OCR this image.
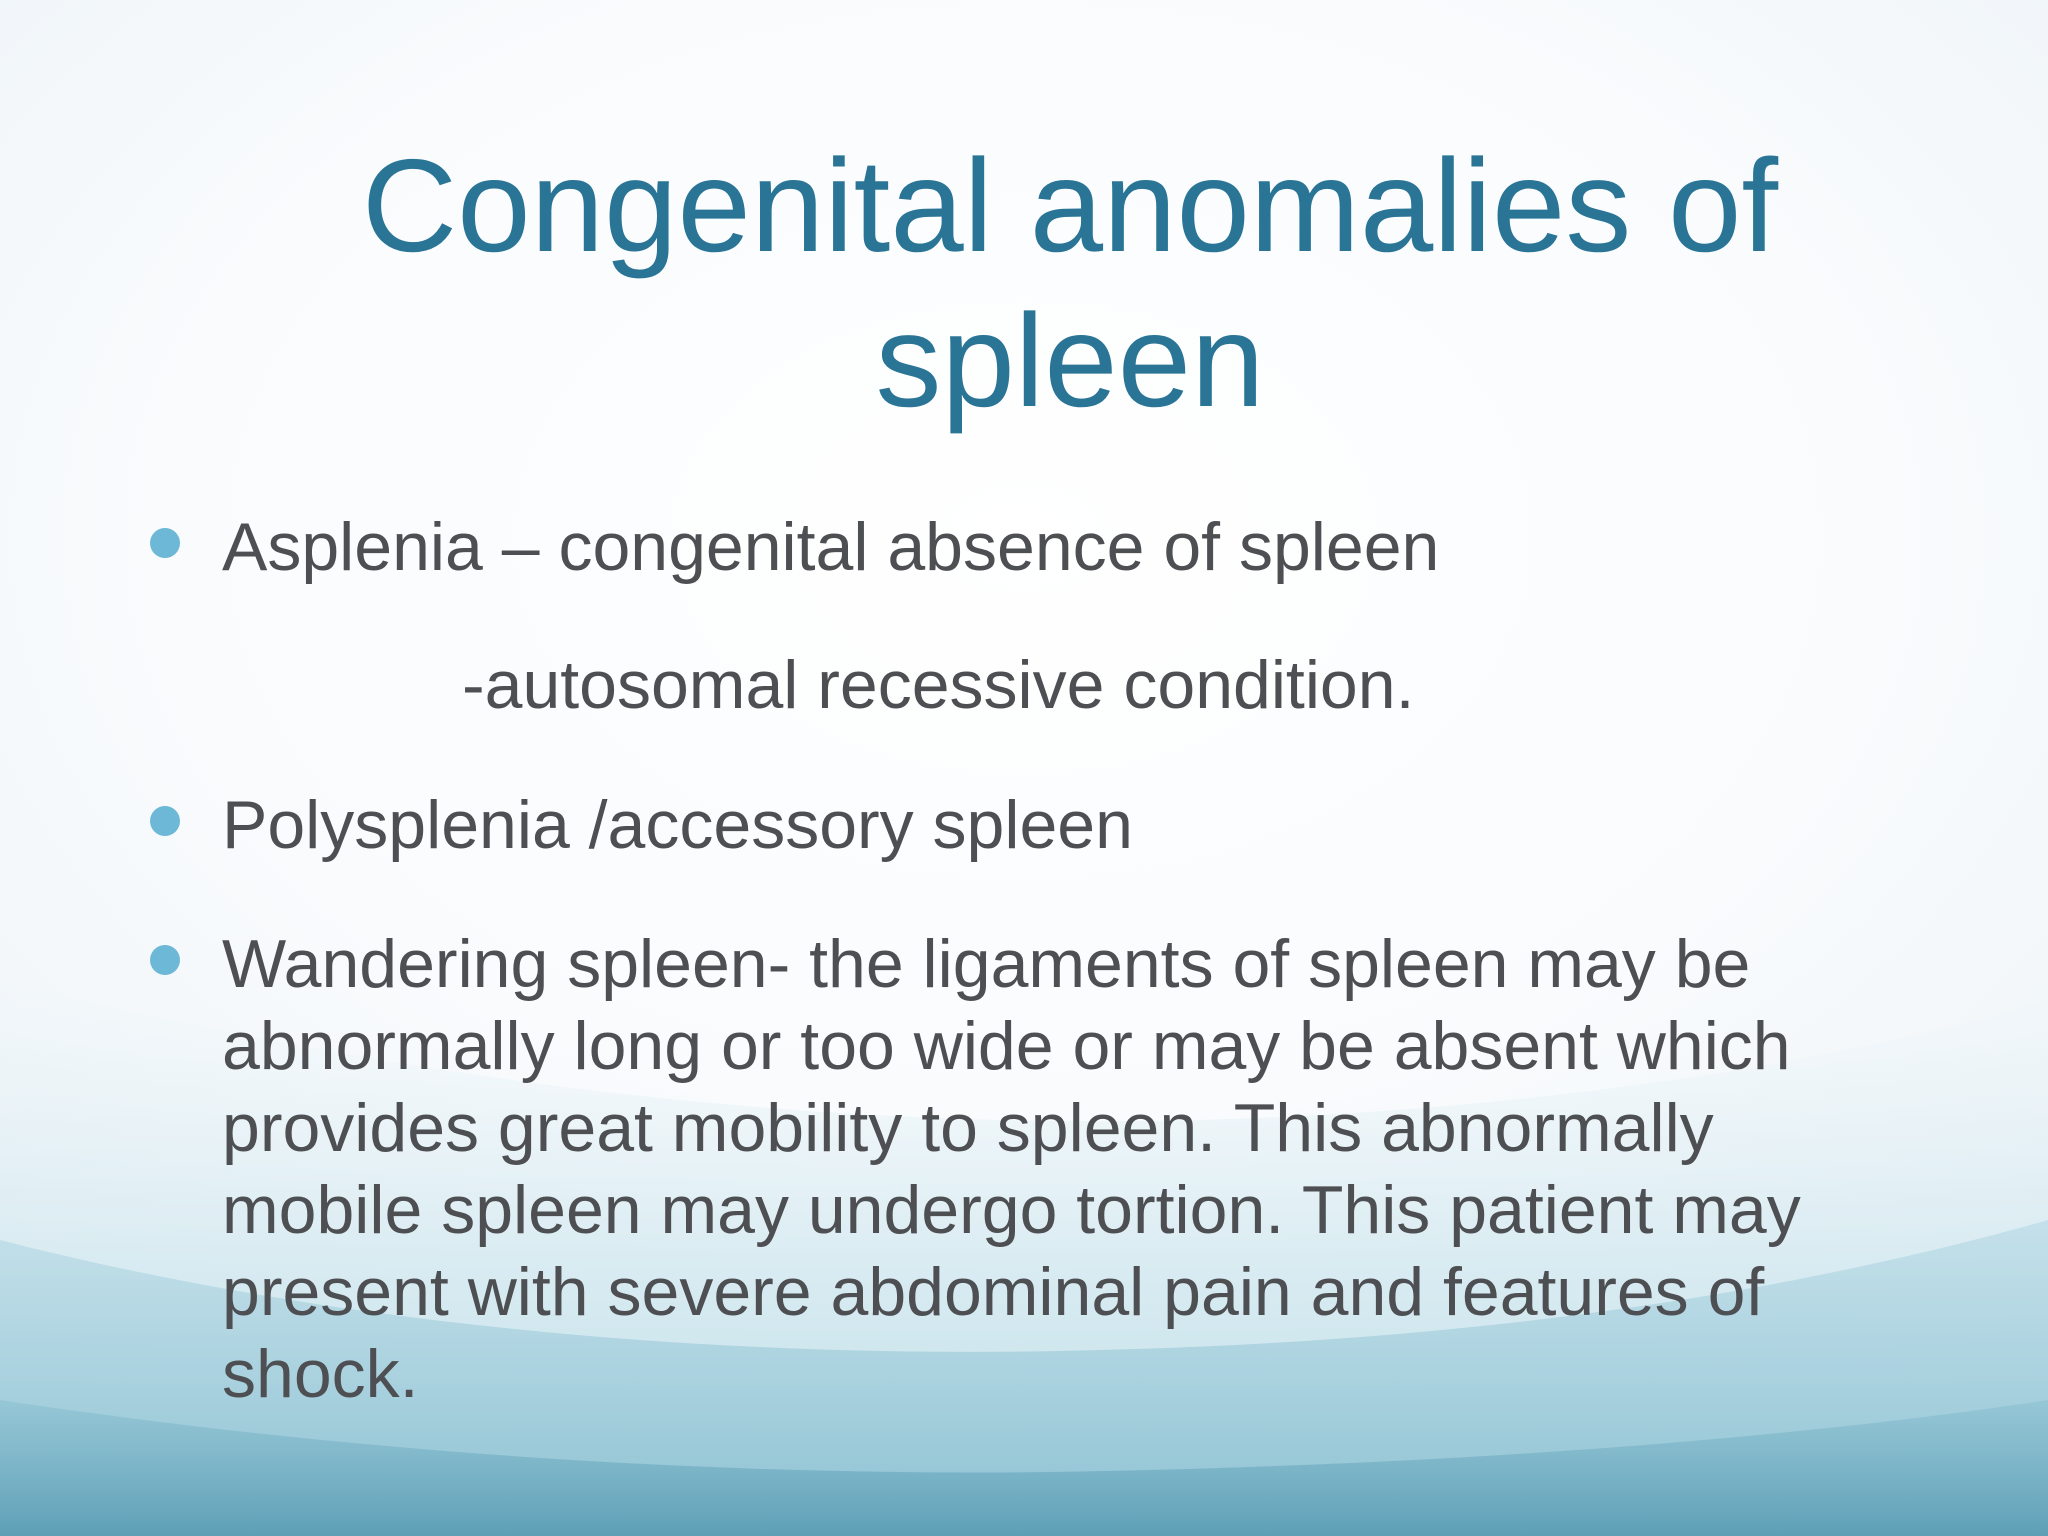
Congenital anomalies of spleen
Asplenia – congenital absence of spleen
-autosomal recessive condition.
Polysplenia /accessory spleen
Wandering spleen- the ligaments of spleen may be abnormally long or too wide or may be absent which provides great mobility to spleen. This abnormally mobile spleen may undergo tortion. This patient may present with severe abdominal pain and features of shock.
